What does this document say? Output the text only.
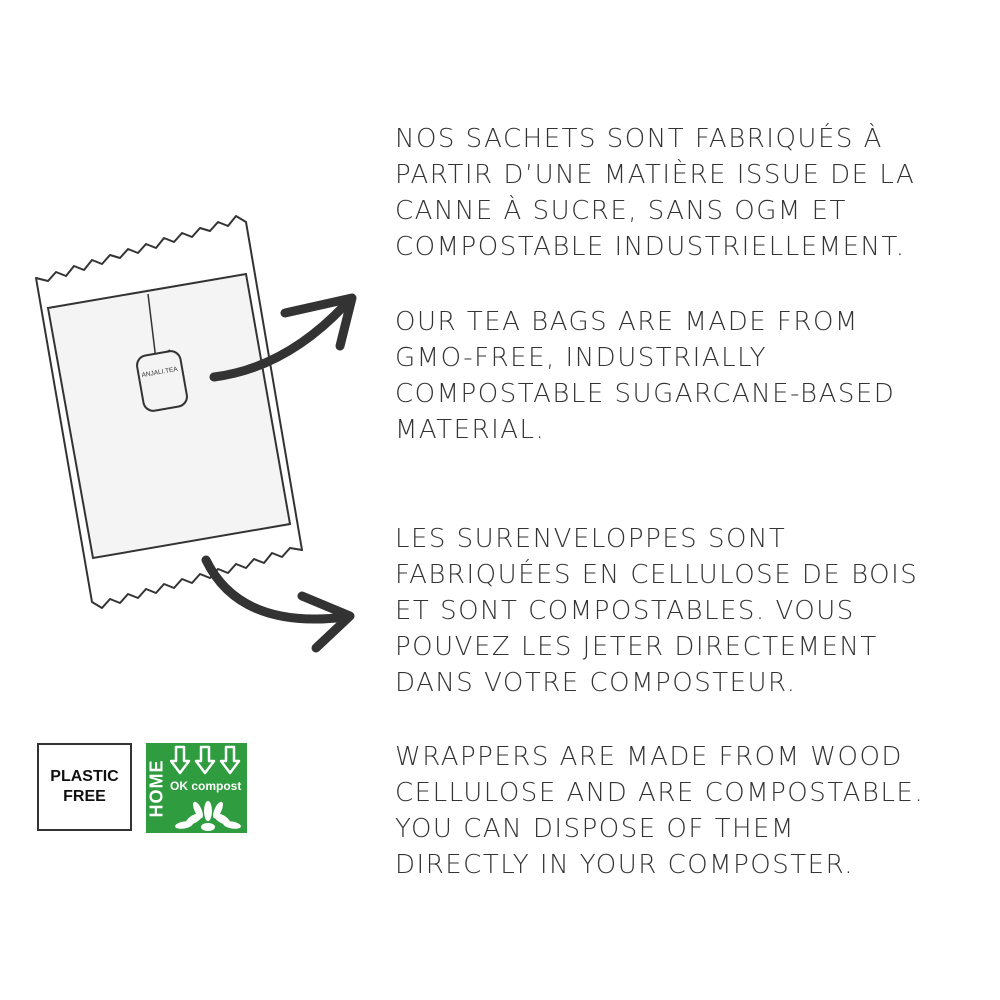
ANJALI.TEA
NOS SACHETS SONT FABRIQUÉS À
PARTIR D’UNE MATIÈRE ISSUE DE LA
CANNE À SUCRE, SANS OGM ET
COMPOSTABLE INDUSTRIELLEMENT.
OUR TEA BAGS ARE MADE FROM
GMO-FREE, INDUSTRIALLY
COMPOSTABLE SUGARCANE-BASED
MATERIAL.
LES SURENVELOPPES SONT
FABRIQUÉES EN CELLULOSE DE BOIS
ET SONT COMPOSTABLES. VOUS
POUVEZ LES JETER DIRECTEMENT
DANS VOTRE COMPOSTEUR.
WRAPPERS ARE MADE FROM WOOD
CELLULOSE AND ARE COMPOSTABLE.
YOU CAN DISPOSE OF THEM
DIRECTLY IN YOUR COMPOSTER.
PLASTIC
FREE	HOME OK compost
